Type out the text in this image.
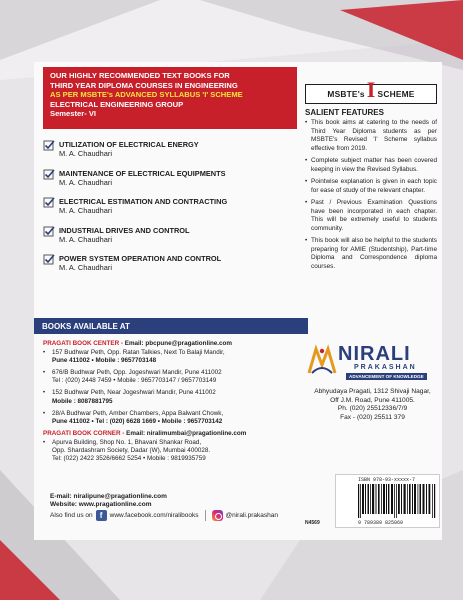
OUR HIGHLY RECOMMENDED TEXT BOOKS FOR
THIRD YEAR DIPLOMA COURSES IN ENGINEERING
AS PER MSBTE's ADVANCED SYLLABUS 'I' SCHEME
ELECTRICAL ENGINEERING GROUP
Semester- VI
UTILIZATION OF ELECTRICAL ENERGY
M. A. Chaudhari
MAINTENANCE OF ELECTRICAL EQUIPMENTS
M. A. Chaudhari
ELECTRICAL ESTIMATION AND CONTRACTING
M. A. Chaudhari
INDUSTRIAL DRIVES AND CONTROL
M. A. Chaudhari
POWER SYSTEM OPERATION AND CONTROL
M. A. Chaudhari
BOOKS AVAILABLE AT
PRAGATI BOOK CENTER - Email: pbcpune@pragationline.com
•	157 Budhwar Peth, Opp. Ratan Talkies, Next To Balaji Mandir,
Pune 411002 • Mobile : 9657703148
•	676/B Budhwar Peth, Opp. Jogeshwari Mandir, Pune 411002
Tel : (020) 2448 7459 • Mobile : 9657703147 / 9657703149
•	152 Budhwar Peth, Near Jogeshwari Mandir, Pune 411002
Mobile : 8087881795
•	28/A Budhwar Peth, Amber Chambers, Appa Balwant Chowk,
Pune 411002 • Tel : (020) 6628 1669 • Mobile : 9657703142
PRAGATI BOOK CORNER - Email: niralimumbai@pragationline.com
•	Apurva Building, Shop No. 1, Bhavani Shankar Road,
Opp. Shardashram Society, Dadar (W), Mumbai 400028.
Tel: (022) 2422 3526/6662 5254 • Mobile : 9819935759
E-mail: niralipune@pragationline.com
Website: www.pragationline.com
Also find us on f	www.facebook.com/niralibooks	@nirali.prakashan
MSBTE's I SCHEME
SALIENT FEATURES
• This book aims at catering to the needs of Third Year Diploma students as per MSBTE's Revised 'I' Scheme syllabus effective from 2019.
• Complete subject matter has been covered keeping in view the Revised Syllabus.
• Pointwise explanation is given in each topic for ease of study of the relevant chapter.
• Past / Previous Examination Questions have been incorporated in each chapter. This will be extremely useful to students community.
• This book will also be helpful to the students preparing for AMIE (Studentship), Part-time Diploma and Correspondence diploma courses.
NIRALI
PRAKASHAN
ADVANCEMENT OF KNOWLEDGE
Abhyudaya Pragati, 1312 Shivaji Nagar,
Off J.M. Road, Pune 411005.
Ph. (020) 25512336/7/9
Fax - (020) 25511 379
ISBN 978-93-xxxxx-7
9 789389 825060
N4569
